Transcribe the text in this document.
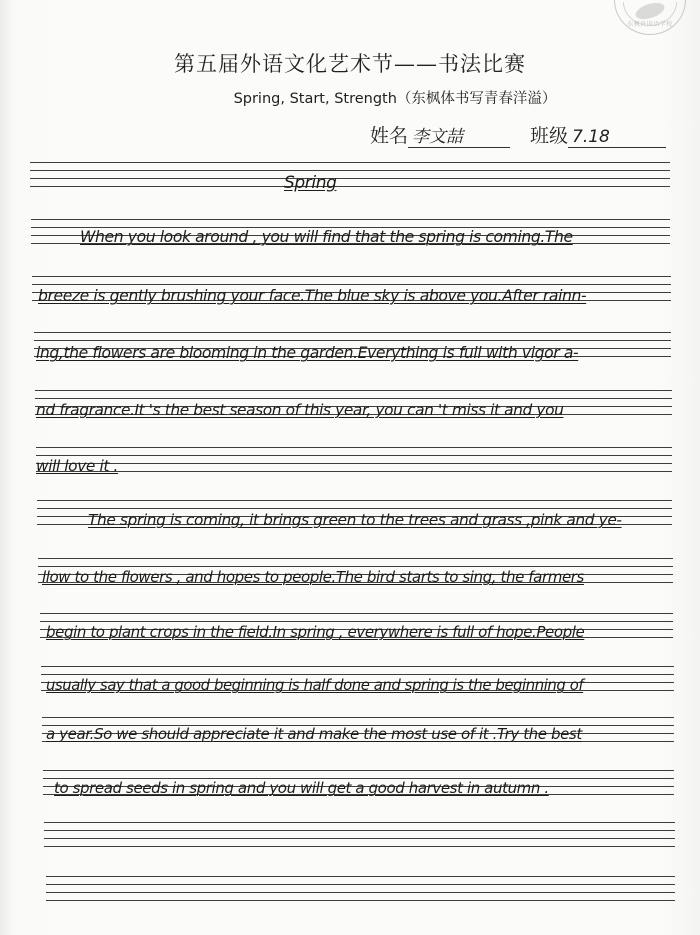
东枫外国语学校
第五届外语文化艺术节——书法比赛
Spring, Start, Strength（东枫体书写青春洋溢）
姓名 李文喆	班级 7.18
Spring
When you look around , you will find that the spring is coming.The
breeze is gently brushing your face.The blue sky is above you.After rainn-
ing,the flowers are blooming in the garden.Everything is full with vigor a-
nd fragrance.It 's the best season of this year, you can 't miss it and you
will love it .
The spring is coming, it brings green to the trees and grass ,pink and ye-
llow to the flowers , and hopes to people.The bird starts to sing, the farmers
begin to plant crops in the field.In spring , everywhere is full of hope.People
usually say that a good beginning is half done and spring is the beginning of
a year.So we should appreciate it and make the most use of it .Try the best
to spread seeds in spring and you will get a good harvest in autumn .
